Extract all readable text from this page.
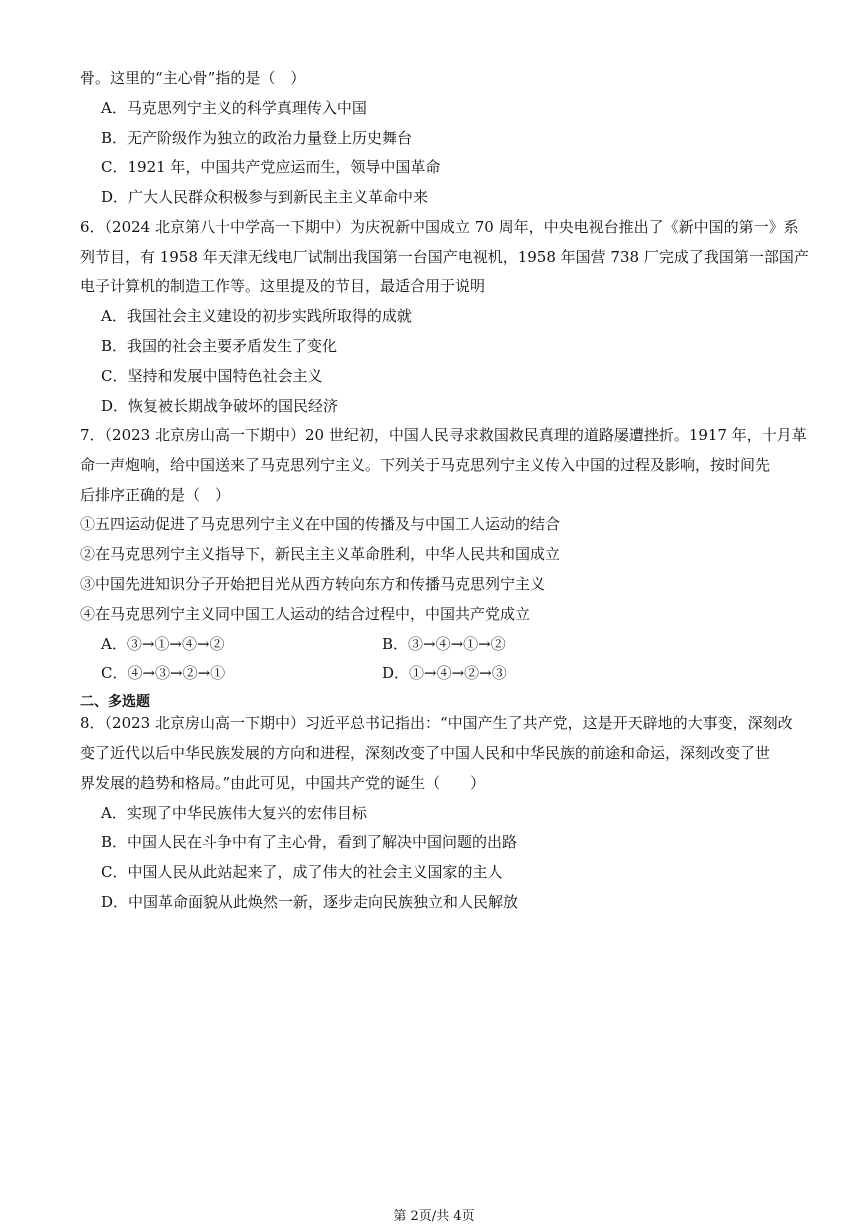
骨。这里的“主心骨”指的是（　）
A．马克思列宁主义的科学真理传入中国
B．无产阶级作为独立的政治力量登上历史舞台
C．1921 年，中国共产党应运而生，领导中国革命
D．广大人民群众积极参与到新民主主义革命中来
6．（2024 北京第八十中学高一下期中）为庆祝新中国成立 70 周年，中央电视台推出了《新中国的第一》系
列节目，有 1958 年天津无线电厂试制出我国第一台国产电视机，1958 年国营 738 厂完成了我国第一部国产
电子计算机的制造工作等。这里提及的节目，最适合用于说明
A．我国社会主义建设的初步实践所取得的成就
B．我国的社会主要矛盾发生了变化
C．坚持和发展中国特色社会主义
D．恢复被长期战争破坏的国民经济
7．（2023 北京房山高一下期中）20 世纪初，中国人民寻求救国救民真理的道路屡遭挫折。1917 年，十月革
命一声炮响，给中国送来了马克思列宁主义。下列关于马克思列宁主义传入中国的过程及影响，按时间先
后排序正确的是（　）
①五四运动促进了马克思列宁主义在中国的传播及与中国工人运动的结合
②在马克思列宁主义指导下，新民主主义革命胜利，中华人民共和国成立
③中国先进知识分子开始把目光从西方转向东方和传播马克思列宁主义
④在马克思列宁主义同中国工人运动的结合过程中，中国共产党成立
A．③→①→④→②	B．③→④→①→②
C．④→③→②→①	D．①→④→②→③
二、多选题
8．（2023 北京房山高一下期中）习近平总书记指出：“中国产生了共产党，这是开天辟地的大事变，深刻改
变了近代以后中华民族发展的方向和进程，深刻改变了中国人民和中华民族的前途和命运，深刻改变了世
界发展的趋势和格局。”由此可见，中国共产党的诞生（　　）
A．实现了中华民族伟大复兴的宏伟目标
B．中国人民在斗争中有了主心骨，看到了解决中国问题的出路
C．中国人民从此站起来了，成了伟大的社会主义国家的主人
D．中国革命面貌从此焕然一新，逐步走向民族独立和人民解放
第 2页/共 4页
